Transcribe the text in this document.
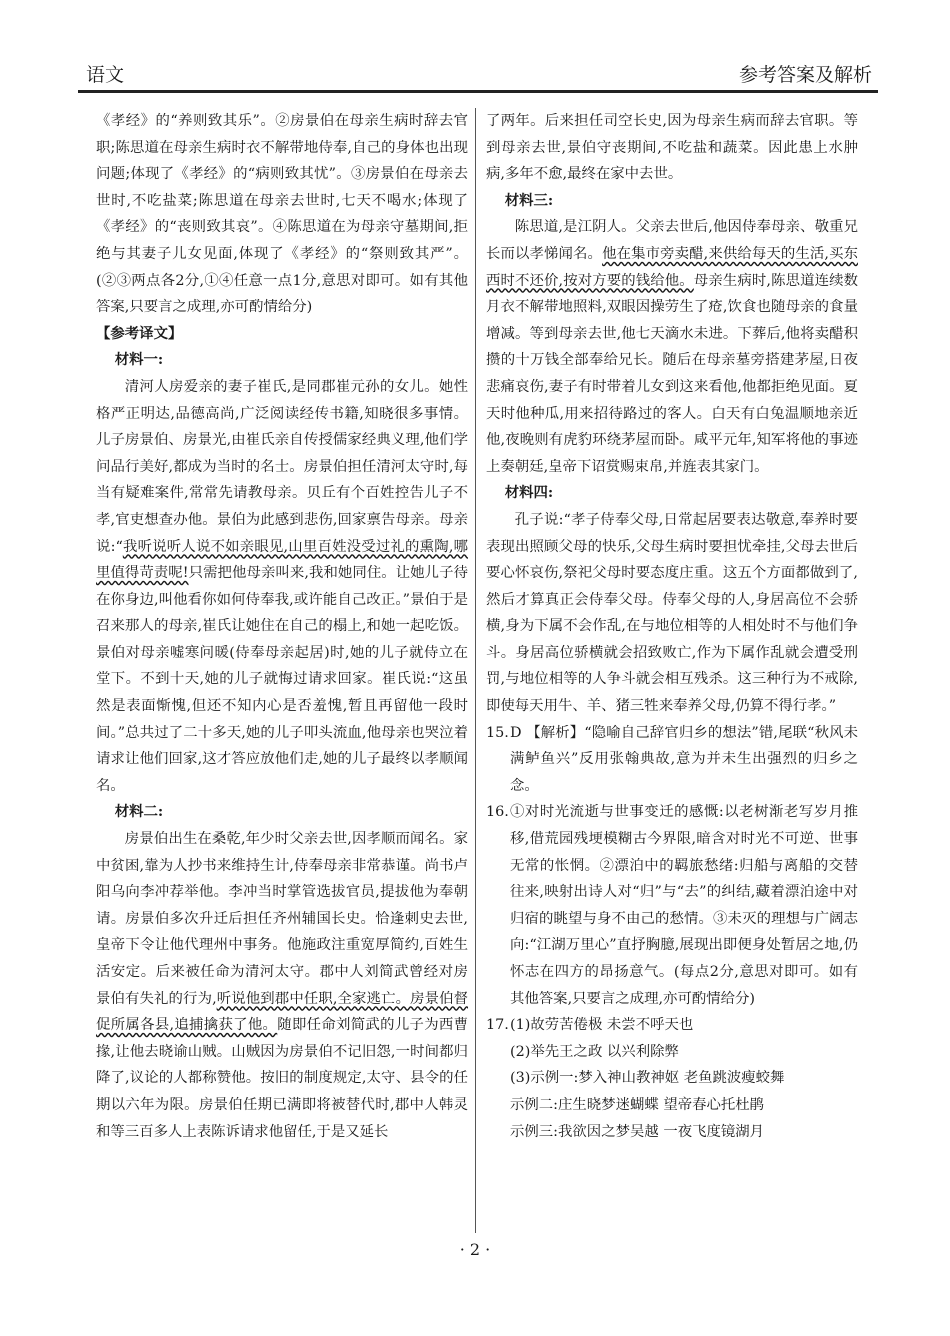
语文	参考答案及解析

《孝经》的“养则致其乐”。②房景伯在母亲生病时辞去官职;陈思道在母亲生病时衣不解带地侍奉,自己的身体也出现问题;体现了《孝经》的“病则致其忧”。③房景伯在母亲去世时,不吃盐菜;陈思道在母亲去世时,七天不喝水;体现了《孝经》的“丧则致其哀”。④陈思道在为母亲守墓期间,拒绝与其妻子儿女见面,体现了《孝经》的“祭则致其严”。(②③两点各2分,①④任意一点1分,意思对即可。如有其他答案,只要言之成理,亦可酌情给分)

【参考译文】

材料一:

清河人房爱亲的妻子崔氏,是同郡崔元孙的女儿。她性格严正明达,品德高尚,广泛阅读经传书籍,知晓很多事情。儿子房景伯、房景光,由崔氏亲自传授儒家经典义理,他们学问品行美好,都成为当时的名士。房景伯担任清河太守时,每当有疑难案件,常常先请教母亲。贝丘有个百姓控告儿子不孝,官吏想查办他。景伯为此感到悲伤,回家禀告母亲。母亲说:“我听说听人说不如亲眼见,山里百姓没受过礼的熏陶,哪里值得苛责呢!只需把他母亲叫来,我和她同住。让她儿子待在你身边,叫他看你如何侍奉我,或许能自己改正。”景伯于是召来那人的母亲,崔氏让她住在自己的榻上,和她一起吃饭。景伯对母亲嘘寒问暖(侍奉母亲起居)时,她的儿子就侍立在堂下。不到十天,她的儿子就悔过请求回家。崔氏说:“这虽然是表面惭愧,但还不知内心是否羞愧,暂且再留他一段时间。”总共过了二十多天,她的儿子叩头流血,他母亲也哭泣着请求让他们回家,这才答应放他们走,她的儿子最终以孝顺闻名。

材料二:

房景伯出生在桑乾,年少时父亲去世,因孝顺而闻名。家中贫困,靠为人抄书来维持生计,侍奉母亲非常恭谨。尚书卢阳乌向李冲荐举他。李冲当时掌管选拔官员,提拔他为奉朝请。房景伯多次升迁后担任齐州辅国长史。恰逢刺史去世,皇帝下令让他代理州中事务。他施政注重宽厚简约,百姓生活安定。后来被任命为清河太守。郡中人刘简武曾经对房景伯有失礼的行为,听说他到郡中任职,全家逃亡。房景伯督促所属各县,追捕擒获了他。随即任命刘简武的儿子为西曹掾,让他去晓谕山贼。山贼因为房景伯不记旧怨,一时间都归降了,议论的人都称赞他。按旧的制度规定,太守、县令的任期以六年为限。房景伯任期已满即将被替代时,郡中人韩灵和等三百多人上表陈诉请求他留任,于是又延长

了两年。后来担任司空长史,因为母亲生病而辞去官职。等到母亲去世,景伯守丧期间,不吃盐和蔬菜。因此患上水肿病,多年不愈,最终在家中去世。

材料三:

陈思道,是江阴人。父亲去世后,他因侍奉母亲、敬重兄长而以孝悌闻名。他在集市旁卖醋,来供给每天的生活,买东西时不还价,按对方要的钱给他。母亲生病时,陈思道连续数月衣不解带地照料,双眼因操劳生了疮,饮食也随母亲的食量增减。等到母亲去世,他七天滴水未进。下葬后,他将卖醋积攒的十万钱全部奉给兄长。随后在母亲墓旁搭建茅屋,日夜悲痛哀伤,妻子有时带着儿女到这来看他,他都拒绝见面。夏天时他种瓜,用来招待路过的客人。白天有白兔温顺地亲近他,夜晚则有虎豹环绕茅屋而卧。咸平元年,知军将他的事迹上奏朝廷,皇帝下诏赏赐束帛,并旌表其家门。

材料四:

孔子说:“孝子侍奉父母,日常起居要表达敬意,奉养时要表现出照顾父母的快乐,父母生病时要担忧牵挂,父母去世后要心怀哀伤,祭祀父母时要态度庄重。这五个方面都做到了,然后才算真正会侍奉父母。侍奉父母的人,身居高位不会骄横,身为下属不会作乱,在与地位相等的人相处时不与他们争斗。身居高位骄横就会招致败亡,作为下属作乱就会遭受刑罚,与地位相等的人争斗就会相互残杀。这三种行为不戒除,即使每天用牛、羊、猪三牲来奉养父母,仍算不得行孝。”

15. D 【解析】“隐喻自己辞官归乡的想法”错,尾联“秋风未满鲈鱼兴”反用张翰典故,意为并未生出强烈的归乡之念。
16. ①对时光流逝与世事变迁的感慨:以老树渐老写岁月推移,借荒园残埂模糊古今界限,暗含对时光不可逆、世事无常的怅惘。②漂泊中的羁旅愁绪:归船与离船的交替往来,映射出诗人对“归”与“去”的纠结,藏着漂泊途中对归宿的眺望与身不由己的愁情。③未灭的理想与广阔志向:“江湖万里心”直抒胸臆,展现出即便身处暂居之地,仍怀志在四方的昂扬意气。(每点2分,意思对即可。如有其他答案,只要言之成理,亦可酌情给分)
17. (1)故劳苦倦极 未尝不呼天也

(2)举先王之政 以兴利除弊

(3)示例一:梦入神山教神妪 老鱼跳波瘦蛟舞

示例二:庄生晓梦迷蝴蝶 望帝春心托杜鹃

示例三:我欲因之梦吴越 一夜飞度镜湖月

· 2 ·
